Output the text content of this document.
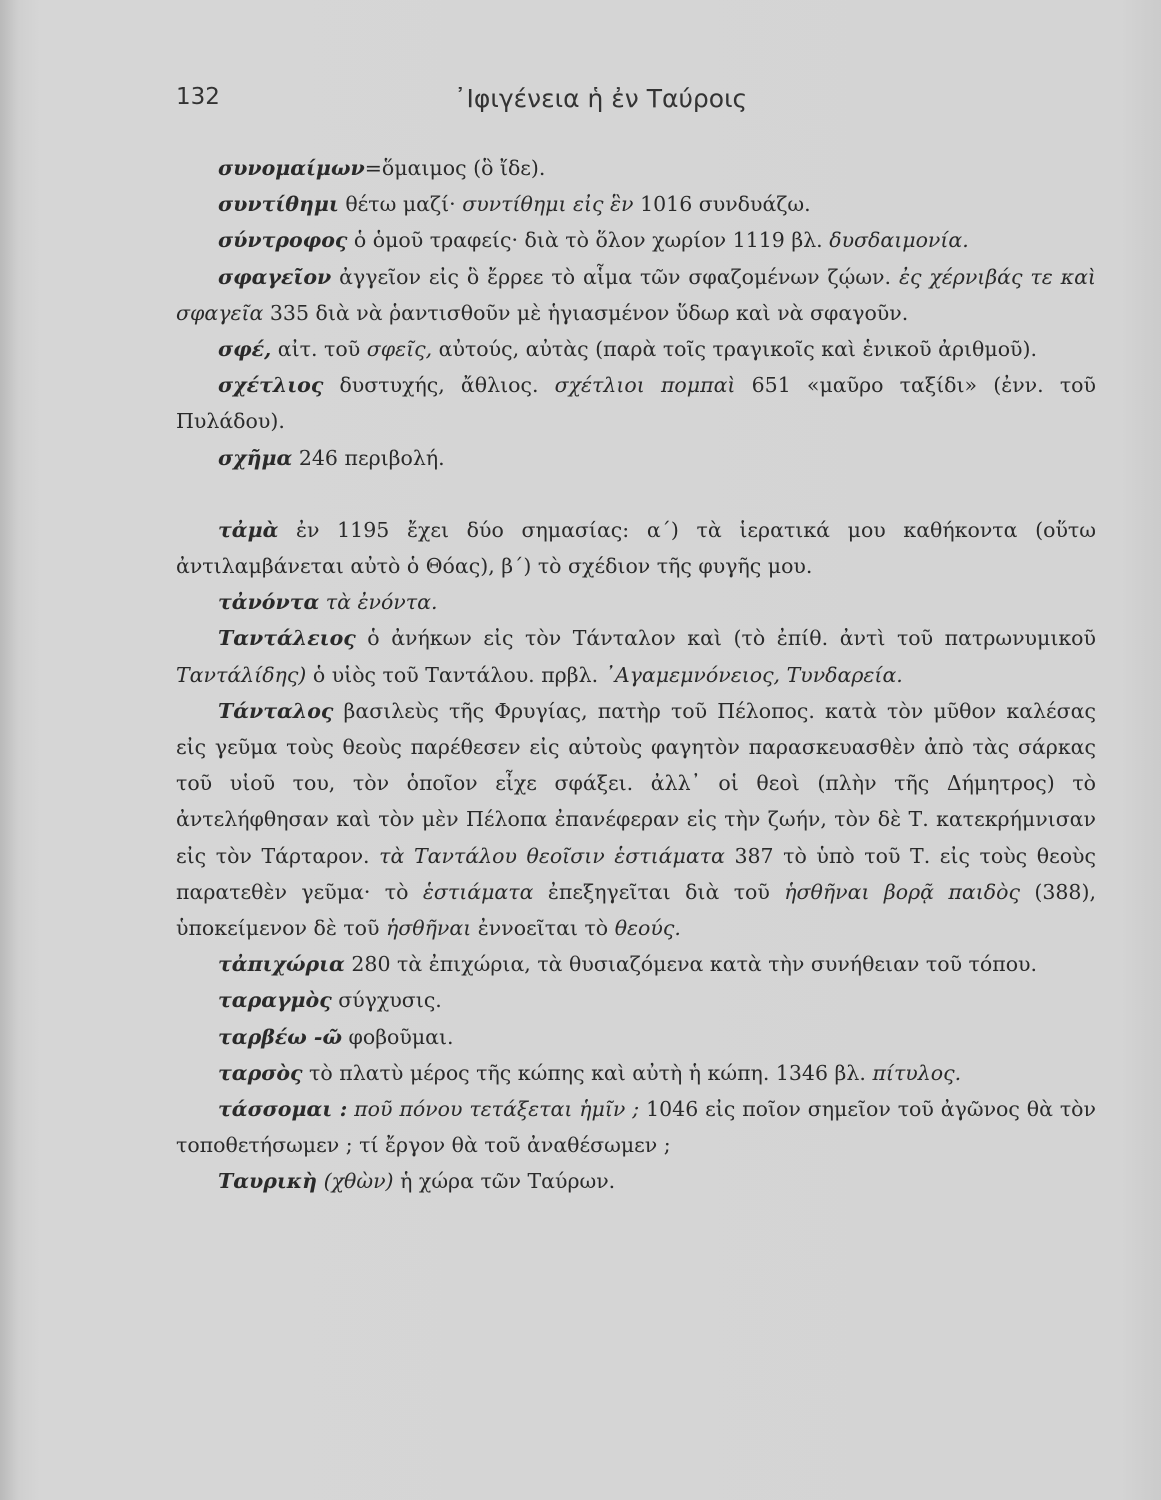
132	᾿Ιφιγένεια ἡ ἐν Ταύροις

συνομαίμων=ὅμαιμος (ὃ ἴδε).

συντίθημι θέτω μαζί· συντίθημι εἰς ἓν 1016 συνδυάζω.

σύντροφος ὁ ὁμοῦ τραφείς· διὰ τὸ ὅλον χωρίον 1119 βλ. δυσδαιμονία.

σφαγεῖον ἀγγεῖον εἰς ὃ ἔρρεε τὸ αἷμα τῶν σφαζομένων ζῴων. ἐς χέρνιβάς τε καὶ σφαγεῖα 335 διὰ νὰ ῥαντισθοῦν μὲ ἡγιασμένον ὕδωρ καὶ νὰ σφαγοῦν.

σφέ, αἰτ. τοῦ σφεῖς, αὐτούς, αὐτὰς (παρὰ τοῖς τραγικοῖς καὶ ἑνικοῦ ἀριθμοῦ).

σχέτλιος δυστυχής, ἄθλιος. σχέτλιοι πομπαὶ 651 «μαῦρο ταξίδι» (ἐνν. τοῦ Πυλάδου).

σχῆμα 246 περιβολή.

τἀμὰ ἐν 1195 ἔχει δύο σημασίας: α΄) τὰ ἱερατικά μου καθήκοντα (οὕτω ἀντιλαμβάνεται αὐτὸ ὁ Θόας), β΄) τὸ σχέδιον τῆς φυγῆς μου.

τἀνόντα τὰ ἐνόντα.

Ταντάλειος ὁ ἀνήκων εἰς τὸν Τάνταλον καὶ (τὸ ἐπίθ. ἀντὶ τοῦ πατρωνυμικοῦ Ταντάλίδης) ὁ υἱὸς τοῦ Ταντάλου. πρβλ. ᾿Αγαμεμνόνειος, Τυνδαρεία.

Τάνταλος βασιλεὺς τῆς Φρυγίας, πατὴρ τοῦ Πέλοπος. κατὰ τὸν μῦθον καλέσας εἰς γεῦμα τοὺς θεοὺς παρέθεσεν εἰς αὐτοὺς φαγητὸν παρασκευασθὲν ἀπὸ τὰς σάρκας τοῦ υἱοῦ του, τὸν ὁποῖον εἶχε σφάξει. ἀλλ᾿ οἱ θεοὶ (πλὴν τῆς Δήμητρος) τὸ ἀντελήφθησαν καὶ τὸν μὲν Πέλοπα ἐπανέφεραν εἰς τὴν ζωήν, τὸν δὲ Τ. κατεκρήμνισαν εἰς τὸν Τάρταρον. τὰ Ταντάλου θεοῖσιν ἑστιάματα 387 τὸ ὑπὸ τοῦ Τ. εἰς τοὺς θεοὺς παρατεθὲν γεῦμα· τὸ ἑστιάματα ἐπεξηγεῖται διὰ τοῦ ἡσθῆναι βορᾷ παιδὸς (388), ὑποκείμενον δὲ τοῦ ἡσθῆναι ἐννοεῖται τὸ θεούς.

τἀπιχώρια 280 τὰ ἐπιχώρια, τὰ θυσιαζόμενα κατὰ τὴν συνήθειαν τοῦ τόπου.

ταραγμὸς σύγχυσις.

ταρβέω -ῶ φοβοῦμαι.

ταρσὸς τὸ πλατὺ μέρος τῆς κώπης καὶ αὐτὴ ἡ κώπη. 1346 βλ. πίτυλος.

τάσσομαι : ποῦ πόνου τετάξεται ἡμῖν ; 1046 εἰς ποῖον σημεῖον τοῦ ἀγῶνος θὰ τὸν τοποθετήσωμεν ; τί ἔργον θὰ τοῦ ἀναθέσωμεν ;

Ταυρικὴ (χθὼν) ἡ χώρα τῶν Ταύρων.
